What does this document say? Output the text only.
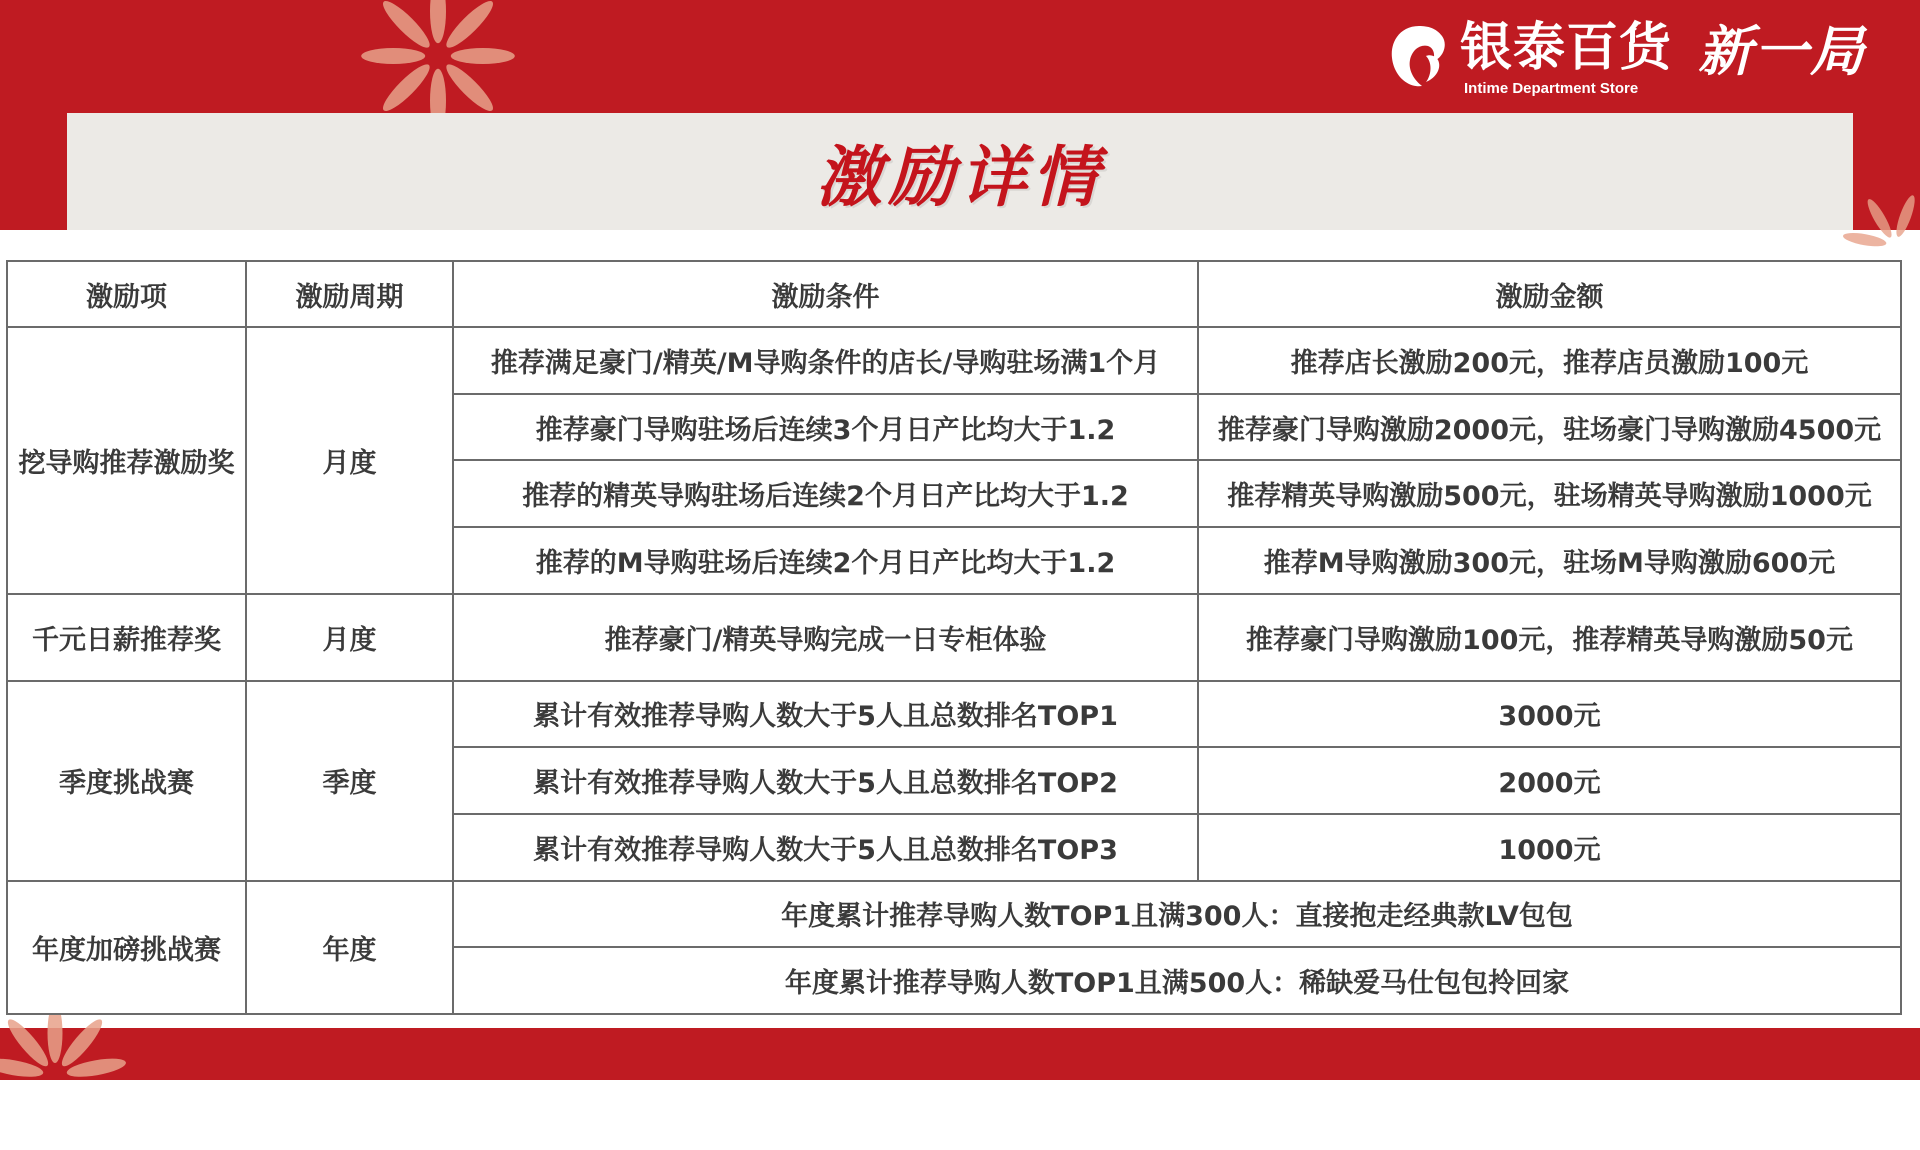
银泰百货
Intime Department Store
新一局
激励详情
激励项	激励周期	激励条件	激励金额
挖导购推荐激励奖	月度	推荐满足豪门/精英/M导购条件的店长/导购驻场满1个月	推荐店长激励200元，推荐店员激励100元
		推荐豪门导购驻场后连续3个月日产比均大于1.2	推荐豪门导购激励2000元，驻场豪门导购激励4500元
		推荐的精英导购驻场后连续2个月日产比均大于1.2	推荐精英导购激励500元，驻场精英导购激励1000元
		推荐的M导购驻场后连续2个月日产比均大于1.2	推荐M导购激励300元，驻场M导购激励600元
千元日薪推荐奖	月度	推荐豪门/精英导购完成一日专柜体验	推荐豪门导购激励100元，推荐精英导购激励50元
季度挑战赛	季度	累计有效推荐导购人数大于5人且总数排名TOP1	3000元
		累计有效推荐导购人数大于5人且总数排名TOP2	2000元
		累计有效推荐导购人数大于5人且总数排名TOP3	1000元
年度加磅挑战赛	年度	年度累计推荐导购人数TOP1且满300人：直接抱走经典款LV包包	
		年度累计推荐导购人数TOP1且满500人：稀缺爱马仕包包拎回家	
